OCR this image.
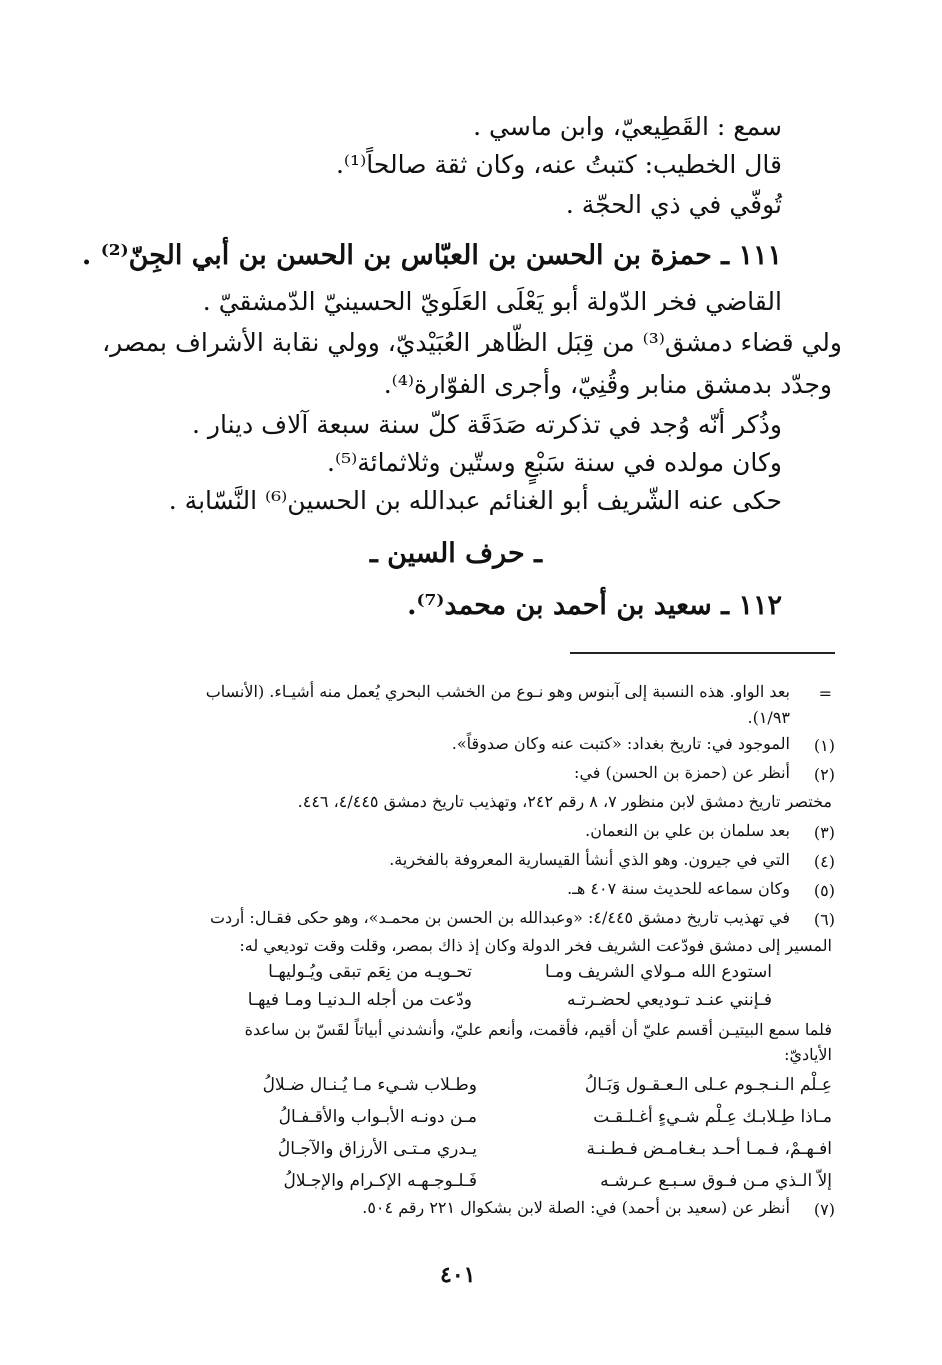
سمع : القَطِيعيّ، وابن ماسي .
قال الخطيب: كتبتُ عنه، وكان ثقة صالحاً⁽¹⁾.
تُوفّي في ذي الحجّة .
١١١ ـ حمزة بن الحسن بن العبّاس بن الحسن بن أبي الجِنّ⁽²⁾ .
القاضي فخر الدّولة أبو يَعْلَى العَلَويّ الحسينيّ الدّمشقيّ .
ولي قضاء دمشق⁽³⁾ من قِبَل الظّاهر العُبَيْديّ، وولي نقابة الأشراف بمصر،
وجدّد بدمشق منابر وقُنِيّ، وأجرى الفوّارة⁽⁴⁾.
وذُكر أنّه وُجد في تذكرته صَدَقَة كلّ سنة سبعة آلاف دينار .
وكان مولده في سنة سَبْعٍ وستّين وثلاثمائة⁽⁵⁾.
حكى عنه الشّريف أبو الغنائم عبدالله بن الحسين⁽⁶⁾ النَّسّابة .
ـ حرف السين ـ
١١٢ ـ سعيد بن أحمد بن محمد⁽⁷⁾.
=
بعد الواو. هذه النسبة إلى آبنوس وهو نـوع من الخشب البحري يُعمل منه أشيـاء. (الأنساب
١/٩٣).
(١)
الموجود في: تاريخ بغداد: «كتبت عنه وكان صدوقاً».
(٢)
أنظر عن (حمزة بن الحسن) في:
مختصر تاريخ دمشق لابن منظور ٧، ٨ رقم ٢٤٢، وتهذيب تاريخ دمشق ٤/٤٤٥، ٤٤٦.
(٣)
بعد سلمان بن علي بن النعمان.
(٤)
التي في جيرون. وهو الذي أنشأ القيسارية المعروفة بالفخرية.
(٥)
وكان سماعه للحديث سنة ٤٠٧ هـ.
(٦)
في تهذيب تاريخ دمشق ٤/٤٤٥: «وعبدالله بن الحسن بن محمـد»، وهو حكى فقـال: أردت
المسير إلى دمشق فودّعت الشريف فخر الدولة وكان إذ ذاك بمصر، وقلت وقت توديعي له:
استودع الله مـولاي الشريف ومـا
تحـويـه من نِعَم تبقى ويُـوليهـا
فـإنني عنـد تـوديعي لحضـرتـه
ودّعت من أجله الـدنيـا ومـا فيهـا
فلما سمع البيتيـن أقسم عليّ أن أقيم، فأقمت، وأنعم عليّ، وأنشدني أبياتاً لقَسّ بن ساعدة
الأياديّ:
عِـلْم الـنـجـوم عـلى الـعـقـول وَبَـالُ
وطـلاب شـيء مـا يُـنـال ضـلالُ
مـاذا طِـلابـك عِـلْم شـيءٍ أغـلـقـت
مـن دونـه الأبـواب والأقـفـالُ
افـهـمْ، فـمـا أحـد بـغـامـض فـطـنـة
يـدري مـتـى الأرزاق والآجـالُ
إلاّ الـذي مـن فـوق سـبـع عـرشـه
فَـلـوجـهـه الإكـرام والإجـلالُ
(٧)
أنظر عن (سعيد بن أحمد) في: الصلة لابن بشكوال ٢٢١ رقم ٥٠٤.
٤٠١
